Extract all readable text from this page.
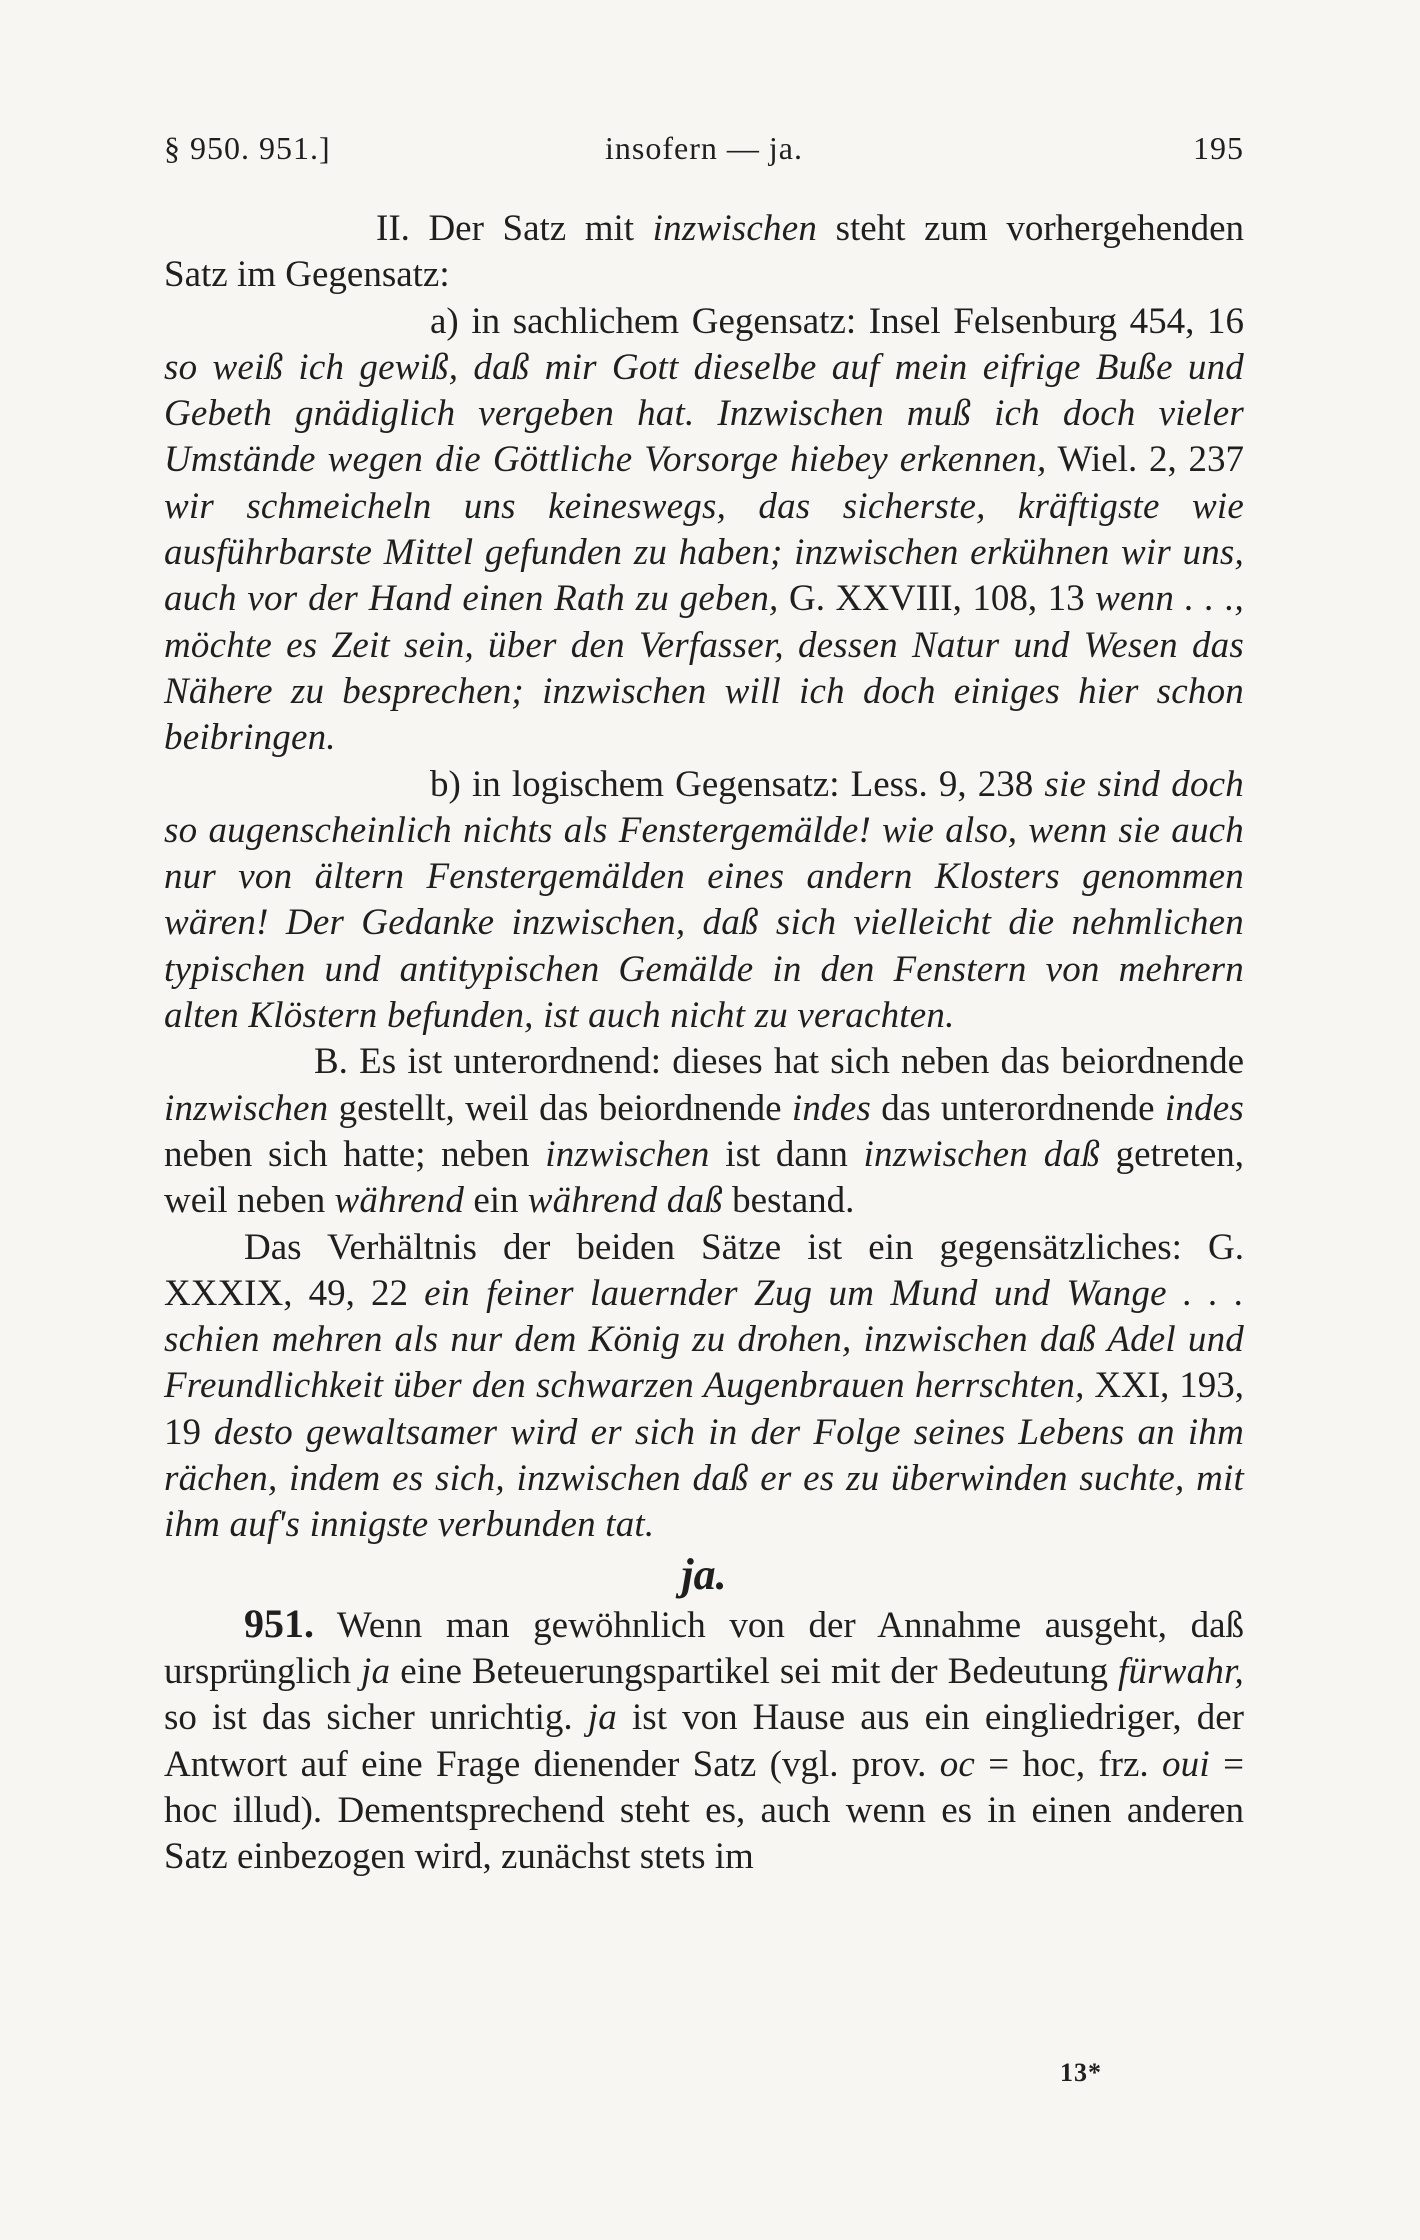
§ 950. 951.]	insofern — ja.	195

II. Der Satz mit inzwischen steht zum vorhergehenden Satz im Gegensatz:

a) in sachlichem Gegensatz: Insel Felsenburg 454, 16 so weiß ich gewiß, daß mir Gott dieselbe auf mein eifrige Buße und Gebeth gnädiglich vergeben hat. Inzwischen muß ich doch vieler Umstände wegen die Göttliche Vorsorge hiebey erkennen, Wiel. 2, 237 wir schmeicheln uns keineswegs, das sicherste, kräftigste wie ausführbarste Mittel gefunden zu haben; inzwischen erkühnen wir uns, auch vor der Hand einen Rath zu geben, G. XXVIII, 108, 13 wenn . . ., möchte es Zeit sein, über den Verfasser, dessen Natur und Wesen das Nähere zu besprechen; inzwischen will ich doch einiges hier schon beibringen.

b) in logischem Gegensatz: Less. 9, 238 sie sind doch so augenscheinlich nichts als Fenstergemälde! wie also, wenn sie auch nur von ältern Fenstergemälden eines andern Klosters genommen wären! Der Gedanke inzwischen, daß sich vielleicht die nehmlichen typischen und antitypischen Gemälde in den Fenstern von mehrern alten Klöstern befunden, ist auch nicht zu verachten.

B. Es ist unterordnend: dieses hat sich neben das beiordnende inzwischen gestellt, weil das beiordnende indes das unterordnende indes neben sich hatte; neben inzwischen ist dann inzwischen daß getreten, weil neben während ein während daß bestand.

Das Verhältnis der beiden Sätze ist ein gegensätzliches: G. XXXIX, 49, 22 ein feiner lauernder Zug um Mund und Wange . . . schien mehren als nur dem König zu drohen, inzwischen daß Adel und Freundlichkeit über den schwarzen Augenbrauen herrschten, XXI, 193, 19 desto gewaltsamer wird er sich in der Folge seines Lebens an ihm rächen, indem es sich, inzwischen daß er es zu überwinden suchte, mit ihm auf's innigste verbunden tat.

ja.

951. Wenn man gewöhnlich von der Annahme ausgeht, daß ursprünglich ja eine Beteuerungspartikel sei mit der Bedeutung fürwahr, so ist das sicher unrichtig. ja ist von Hause aus ein eingliedriger, der Antwort auf eine Frage dienender Satz (vgl. prov. oc = hoc, frz. oui = hoc illud). Dementsprechend steht es, auch wenn es in einen anderen Satz einbezogen wird, zunächst stets im

13*
